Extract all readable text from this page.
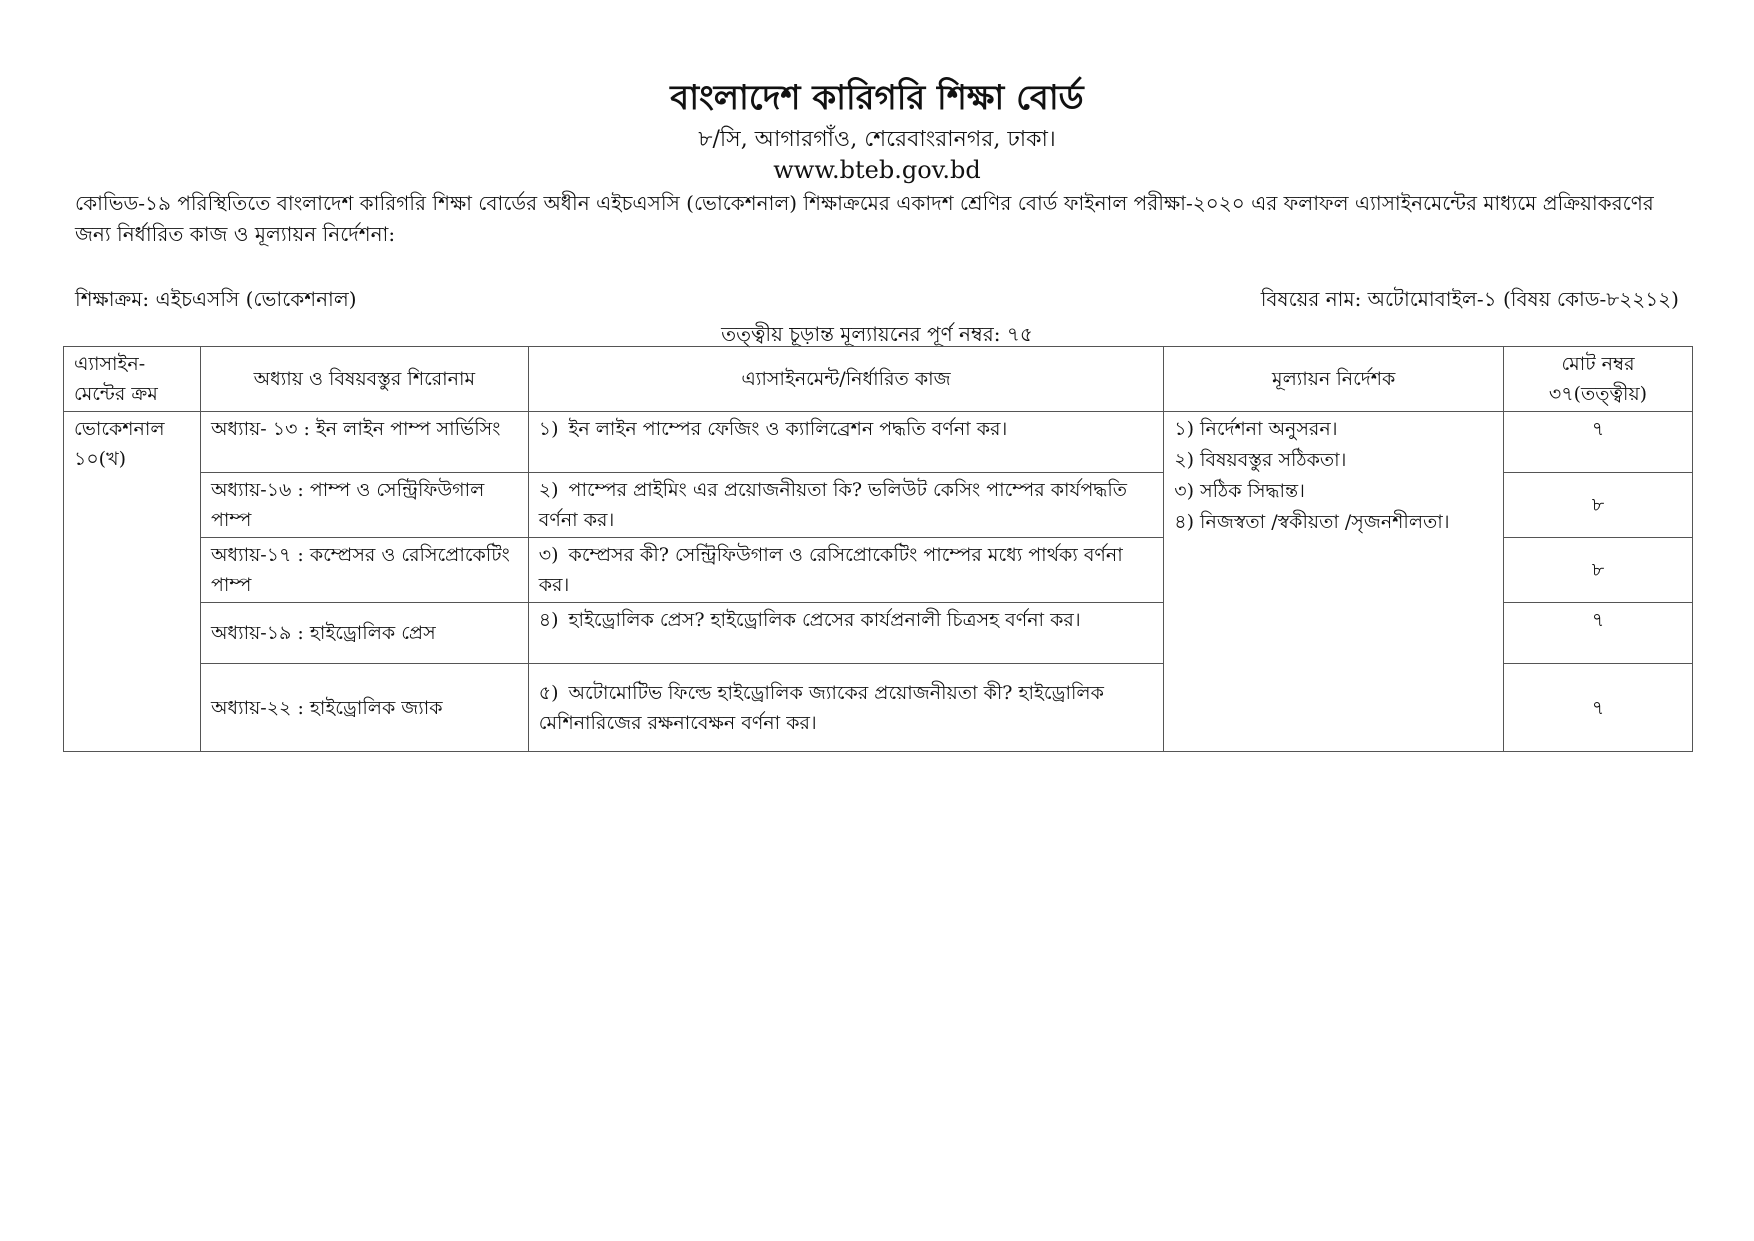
বাংলাদেশ কারিগরি শিক্ষা বোর্ড
৮/সি, আগারগাঁও, শেরেবাংরানগর, ঢাকা।
www.bteb.gov.bd
কোভিড-১৯ পরিস্থিতিতে বাংলাদেশ কারিগরি শিক্ষা বোর্ডের অধীন এইচএসসি (ভোকেশনাল) শিক্ষাক্রমের একাদশ শ্রেণির বোর্ড ফাইনাল পরীক্ষা-২০২০ এর ফলাফল এ্যাসাইনমেন্টের মাধ্যমে প্রক্রিয়াকরণের জন্য নির্ধারিত কাজ ও মূল্যায়ন নির্দেশনা:
শিক্ষাক্রম: এইচএসসি (ভোকেশনাল)	বিষয়ের নাম: অটোমোবাইল-১ (বিষয় কোড-৮২২১২)
তত্ত্বীয় চূড়ান্ত মূল্যায়নের পূর্ণ নম্বর: ৭৫
এ্যাসাইন-মেন্টের ক্রম	অধ্যায় ও বিষয়বস্তুর শিরোনাম	এ্যাসাইনমেন্ট/নির্ধারিত কাজ	মূল্যায়ন নির্দেশক	মোট নম্বর ৩৭(তত্ত্বীয়)
ভোকেশনাল ১০(খ)	অধ্যায়- ১৩ : ইন লাইন পাম্প সার্ভিসিং	১) ইন লাইন পাম্পের ফেজিং ও ক্যালিব্রেশন পদ্ধতি বর্ণনা কর।	১) নির্দেশনা অনুসরন।
২) বিষয়বস্তুর সঠিকতা।
৩) সঠিক সিদ্ধান্ত।
৪) নিজস্বতা /স্বকীয়তা /সৃজনশীলতা।	৭
	অধ্যায়-১৬ : পাম্প ও সেন্ট্রিফিউগাল পাম্প	২) পাম্পের প্রাইমিং এর প্রয়োজনীয়তা কি? ভলিউট কেসিং পাম্পের কার্যপদ্ধতি বর্ণনা কর।		৮
	অধ্যায়-১৭ : কম্প্রেসর ও রেসিপ্রোকেটিং পাম্প	৩) কম্প্রেসর কী? সেন্ট্রিফিউগাল ও রেসিপ্রোকেটিং পাম্পের মধ্যে পার্থক্য বর্ণনা কর।		৮
	অধ্যায়-১৯ : হাইড্রোলিক প্রেস	৪) হাইড্রোলিক প্রেস? হাইড্রোলিক প্রেসের কার্যপ্রনালী চিত্রসহ বর্ণনা কর।		৭
	অধ্যায়-২২ : হাইড্রোলিক জ্যাক	৫) অটোমোটিভ ফিল্ডে হাইড্রোলিক জ্যাকের প্রয়োজনীয়তা কী? হাইড্রোলিক মেশিনারিজের রক্ষনাবেক্ষন বর্ণনা কর।		৭
